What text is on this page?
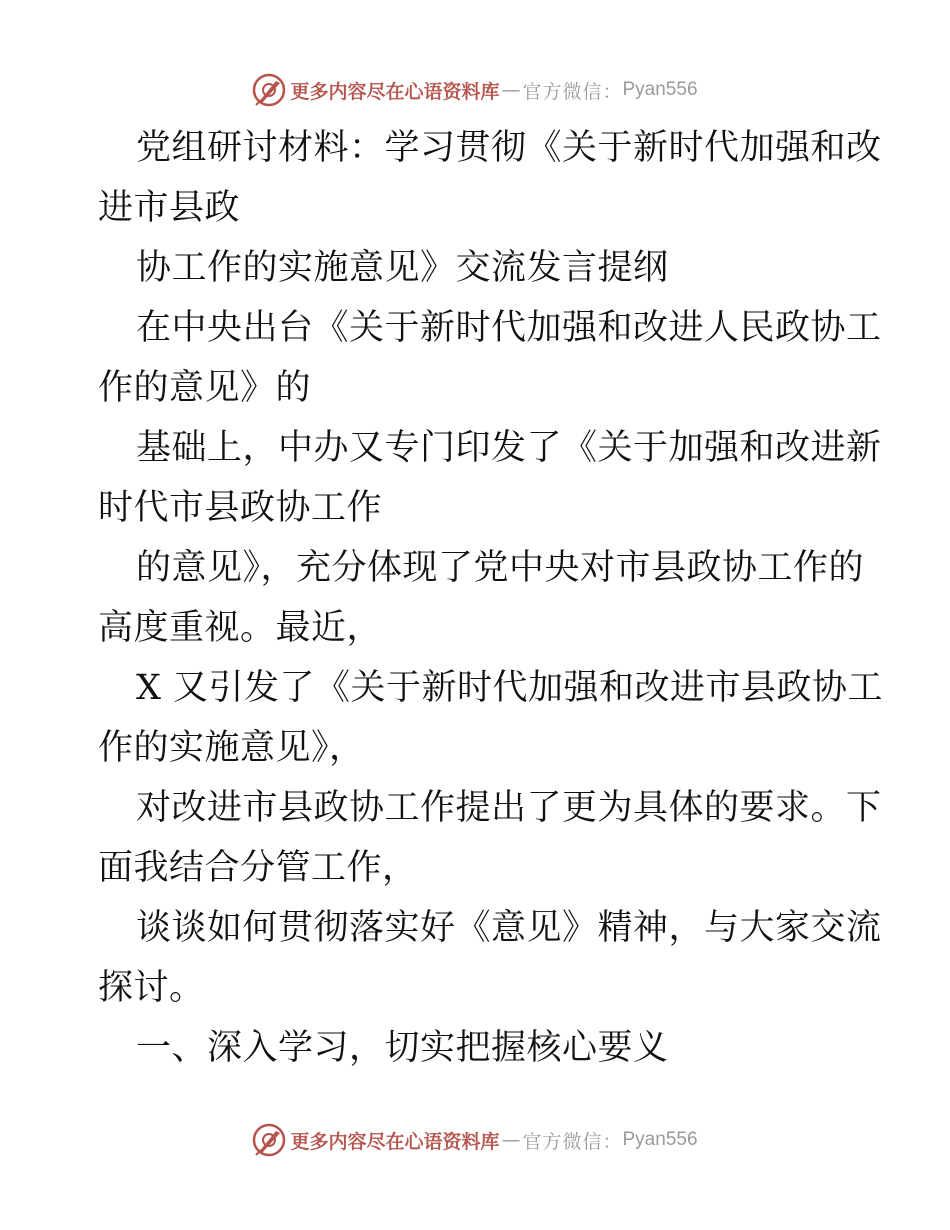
更多内容尽在心语资料库 — 官方微信： Pyan556
党组研讨材料：学习贯彻《关于新时代加强和改
进市县政
协工作的实施意见》交流发言提纲
在中央出台《关于新时代加强和改进人民政协工
作的意见》的
基础上，中办又专门印发了《关于加强和改进新
时代市县政协工作
的意见》，充分体现了党中央对市县政协工作的
高度重视。最近，
X 又引发了《关于新时代加强和改进市县政协工
作的实施意见》，
对改进市县政协工作提出了更为具体的要求。下
面我结合分管工作，
谈谈如何贯彻落实好《意见》精神，与大家交流
探讨。
一、深入学习，切实把握核心要义
更多内容尽在心语资料库 — 官方微信： Pyan556
